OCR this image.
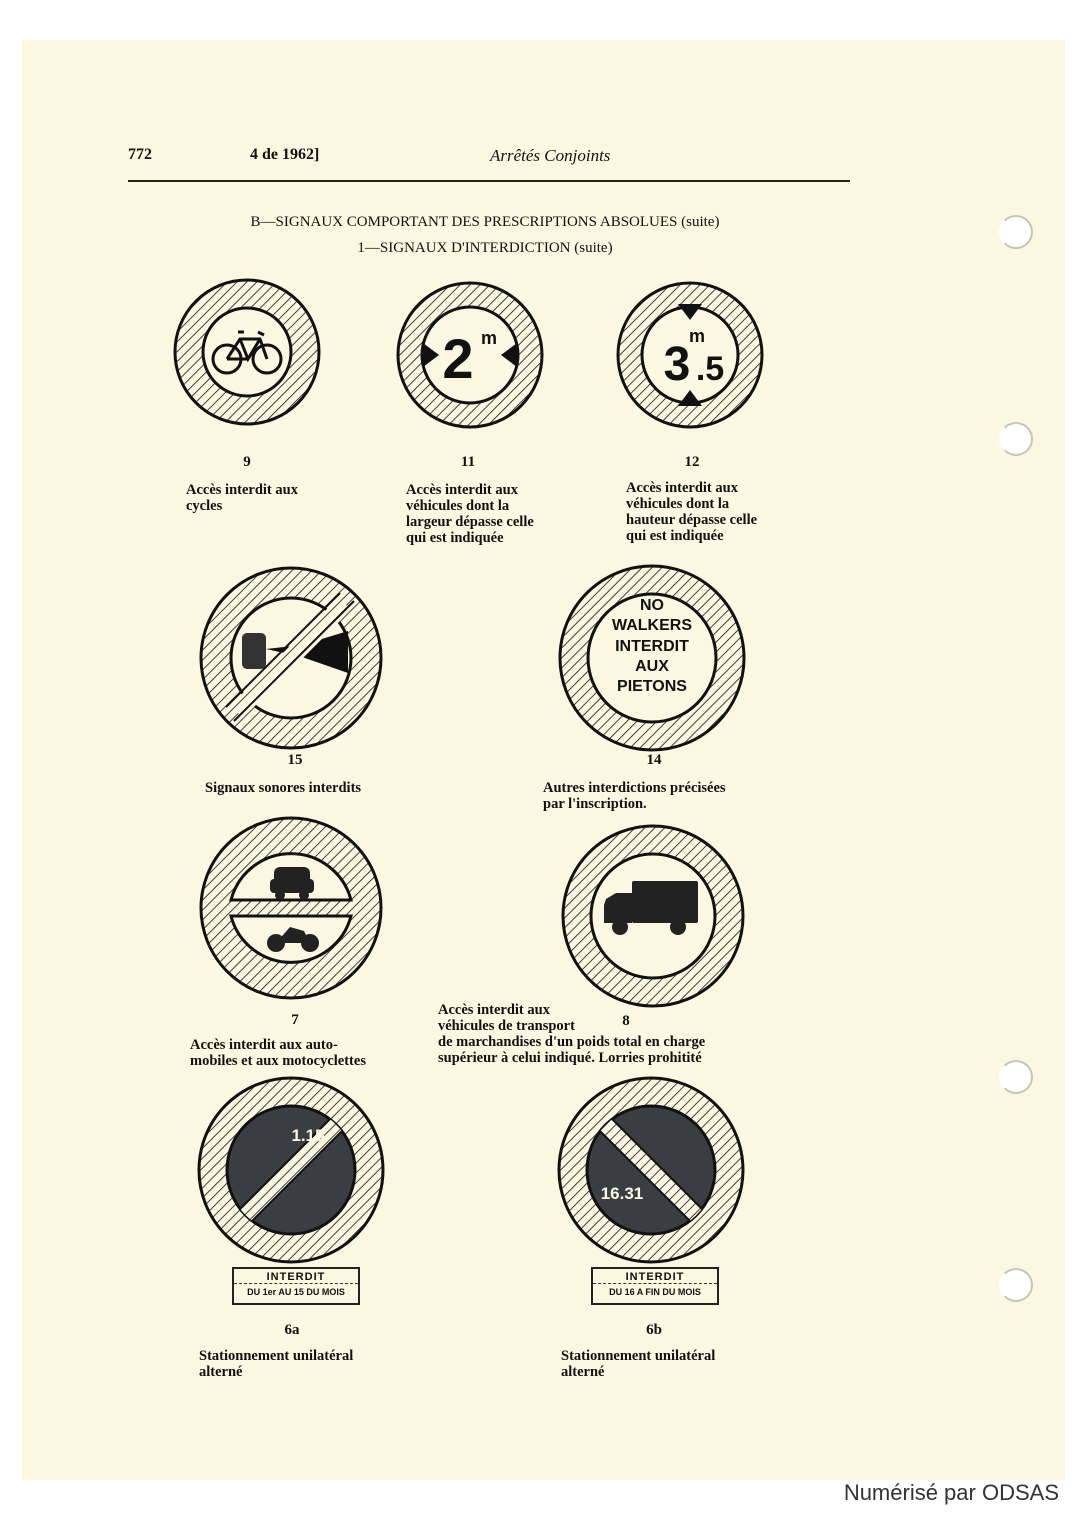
772	4 de 1962]	Arrêtés Conjoints
B—SIGNAUX COMPORTANT DES PRESCRIPTIONS ABSOLUES (suite)
1—SIGNAUX D'INTERDICTION (suite)
9
Accès interdit aux
cycles
2 m
11
Accès interdit aux
véhicules dont la
largeur dépasse celle
qui est indiquée
3 .5
m
12
Accès interdit aux
véhicules dont la
hauteur dépasse celle
qui est indiquée
15
Signaux sonores interdits
NO
WALKERS
INTERDIT
AUX
PIETONS
14
Autres interdictions précisées
par l'inscription.
7
Accès interdit aux auto-
mobiles et aux motocyclettes
8
Accès interdit aux
véhicules de transport
de marchandises d'un poids total en charge
supérieur à celui indiqué. Lorries prohitité
1.15
INTERDIT
DU 1er AU 15 DU MOIS
6a
Stationnement unilatéral
alterné
16.31
INTERDIT
DU 16 A FIN DU MOIS
6b
Stationnement unilatéral
alterné
Numérisé par ODSAS
